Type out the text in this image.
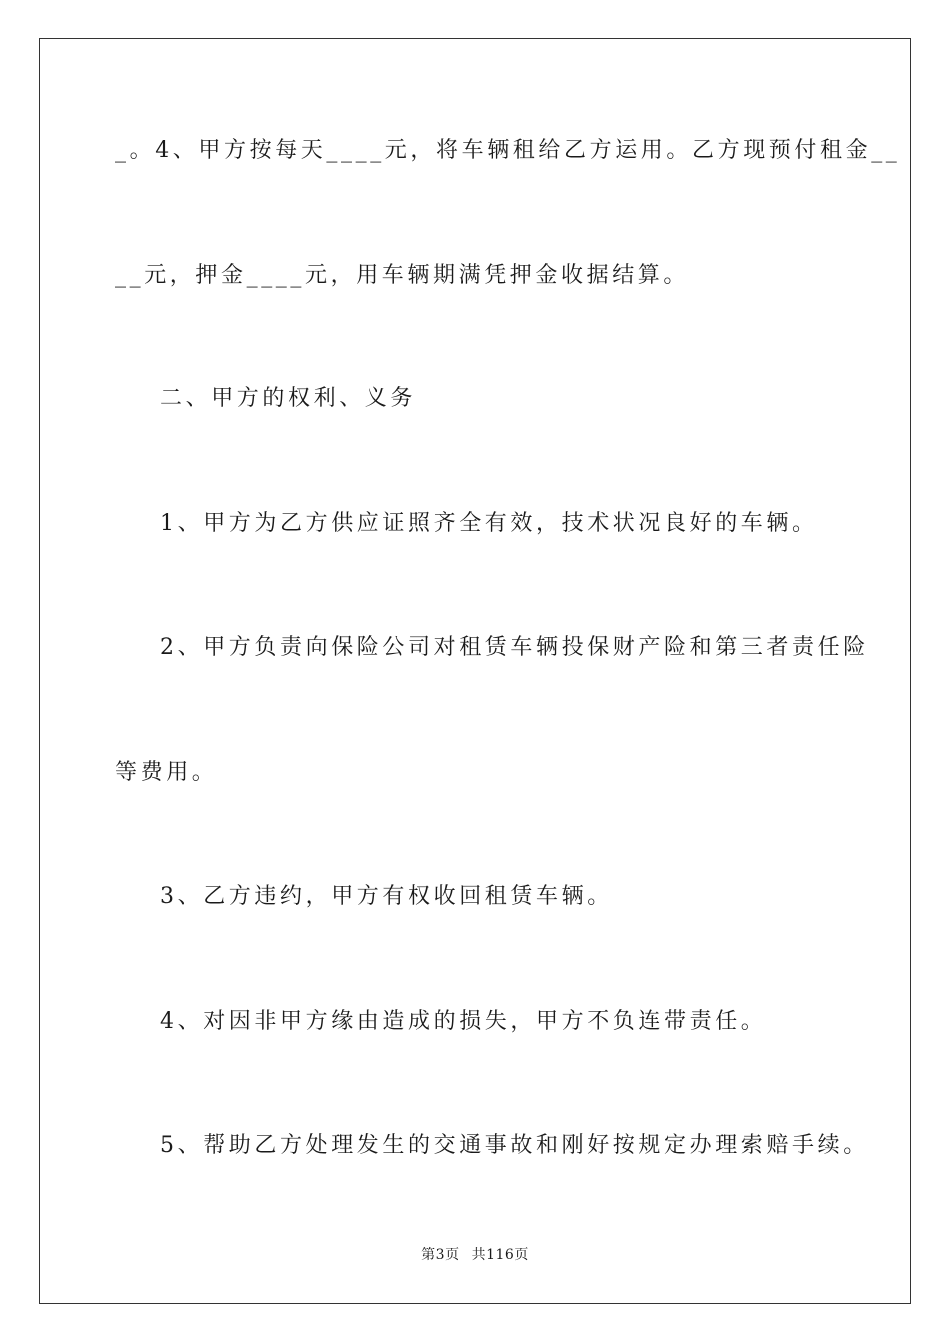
_。4、甲方按每天____元，将车辆租给乙方运用。乙方现预付租金__
__元，押金____元，用车辆期满凭押金收据结算。
二、甲方的权利、义务
1、甲方为乙方供应证照齐全有效，技术状况良好的车辆。
2、甲方负责向保险公司对租赁车辆投保财产险和第三者责任险
等费用。
3、乙方违约，甲方有权收回租赁车辆。
4、对因非甲方缘由造成的损失，甲方不负连带责任。
5、帮助乙方处理发生的交通事故和刚好按规定办理索赔手续。
第3页 共116页
